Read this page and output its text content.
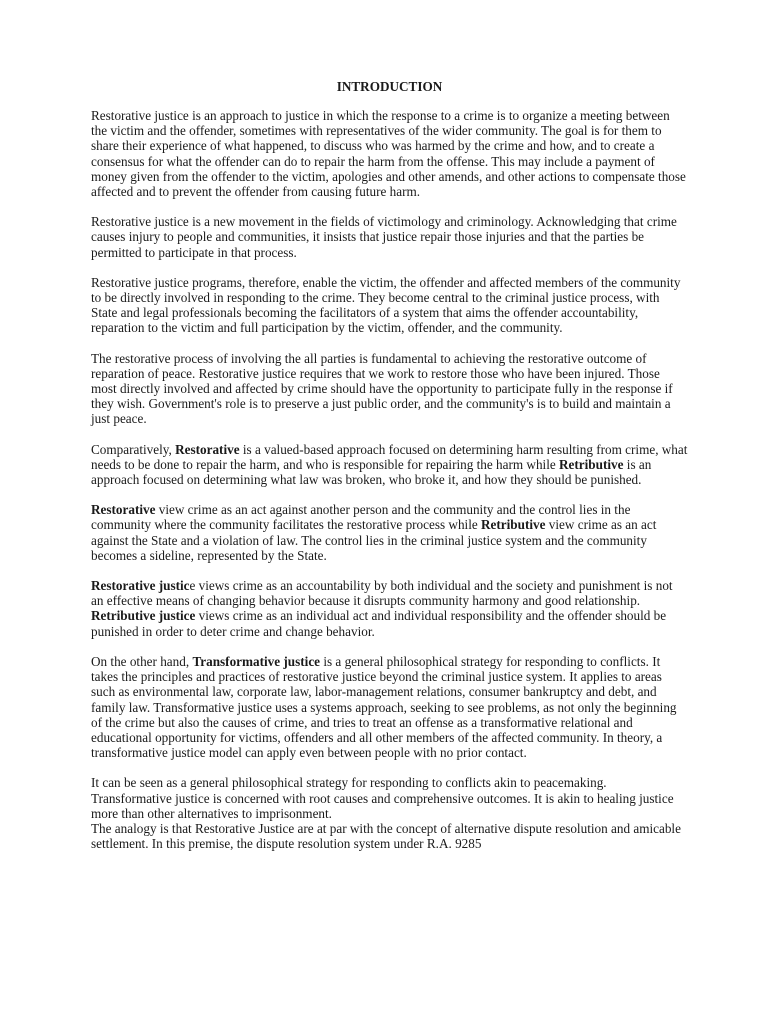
INTRODUCTION

Restorative justice is an approach to justice in which the response to a crime is to organize a meeting between the victim and the offender, sometimes with representatives of the wider community. The goal is for them to share their experience of what happened, to discuss who was harmed by the crime and how, and to create a consensus for what the offender can do to repair the harm from the offense. This may include a payment of money given from the offender to the victim, apologies and other amends, and other actions to compensate those affected and to prevent the offender from causing future harm.

Restorative justice is a new movement in the fields of victimology and criminology. Acknowledging that crime causes injury to people and communities, it insists that justice repair those injuries and that the parties be permitted to participate in that process.

Restorative justice programs, therefore, enable the victim, the offender and affected members of the community to be directly involved in responding to the crime. They become central to the criminal justice process, with State and legal professionals becoming the facilitators of a system that aims the offender accountability, reparation to the victim and full participation by the victim, offender, and the community.

The restorative process of involving the all parties is fundamental to achieving the restorative outcome of reparation of peace. Restorative justice requires that we work to restore those who have been injured. Those most directly involved and affected by crime should have the opportunity to participate fully in the response if they wish. Government's role is to preserve a just public order, and the community's is to build and maintain a just peace.

Comparatively, Restorative is a valued-based approach focused on determining harm resulting from crime, what needs to be done to repair the harm, and who is responsible for repairing the harm while Retributive is an approach focused on determining what law was broken, who broke it, and how they should be punished.

Restorative view crime as an act against another person and the community and the control lies in the community where the community facilitates the restorative process while Retributive view crime as an act against the State and a violation of law. The control lies in the criminal justice system and the community becomes a sideline, represented by the State.

Restorative justice views crime as an accountability by both individual and the society and punishment is not an effective means of changing behavior because it disrupts community harmony and good relationship. Retributive justice views crime as an individual act and individual responsibility and the offender should be punished in order to deter crime and change behavior.

On the other hand, Transformative justice is a general philosophical strategy for responding to conflicts. It takes the principles and practices of restorative justice beyond the criminal justice system. It applies to areas such as environmental law, corporate law, labor-management relations, consumer bankruptcy and debt, and family law. Transformative justice uses a systems approach, seeking to see problems, as not only the beginning of the crime but also the causes of crime, and tries to treat an offense as a transformative relational and educational opportunity for victims, offenders and all other members of the affected community. In theory, a transformative justice model can apply even between people with no prior contact.

It can be seen as a general philosophical strategy for responding to conflicts akin to peacemaking. Transformative justice is concerned with root causes and comprehensive outcomes. It is akin to healing justice more than other alternatives to imprisonment.

The analogy is that Restorative Justice are at par with the concept of alternative dispute resolution and amicable settlement. In this premise, the dispute resolution system under R.A. 9285
